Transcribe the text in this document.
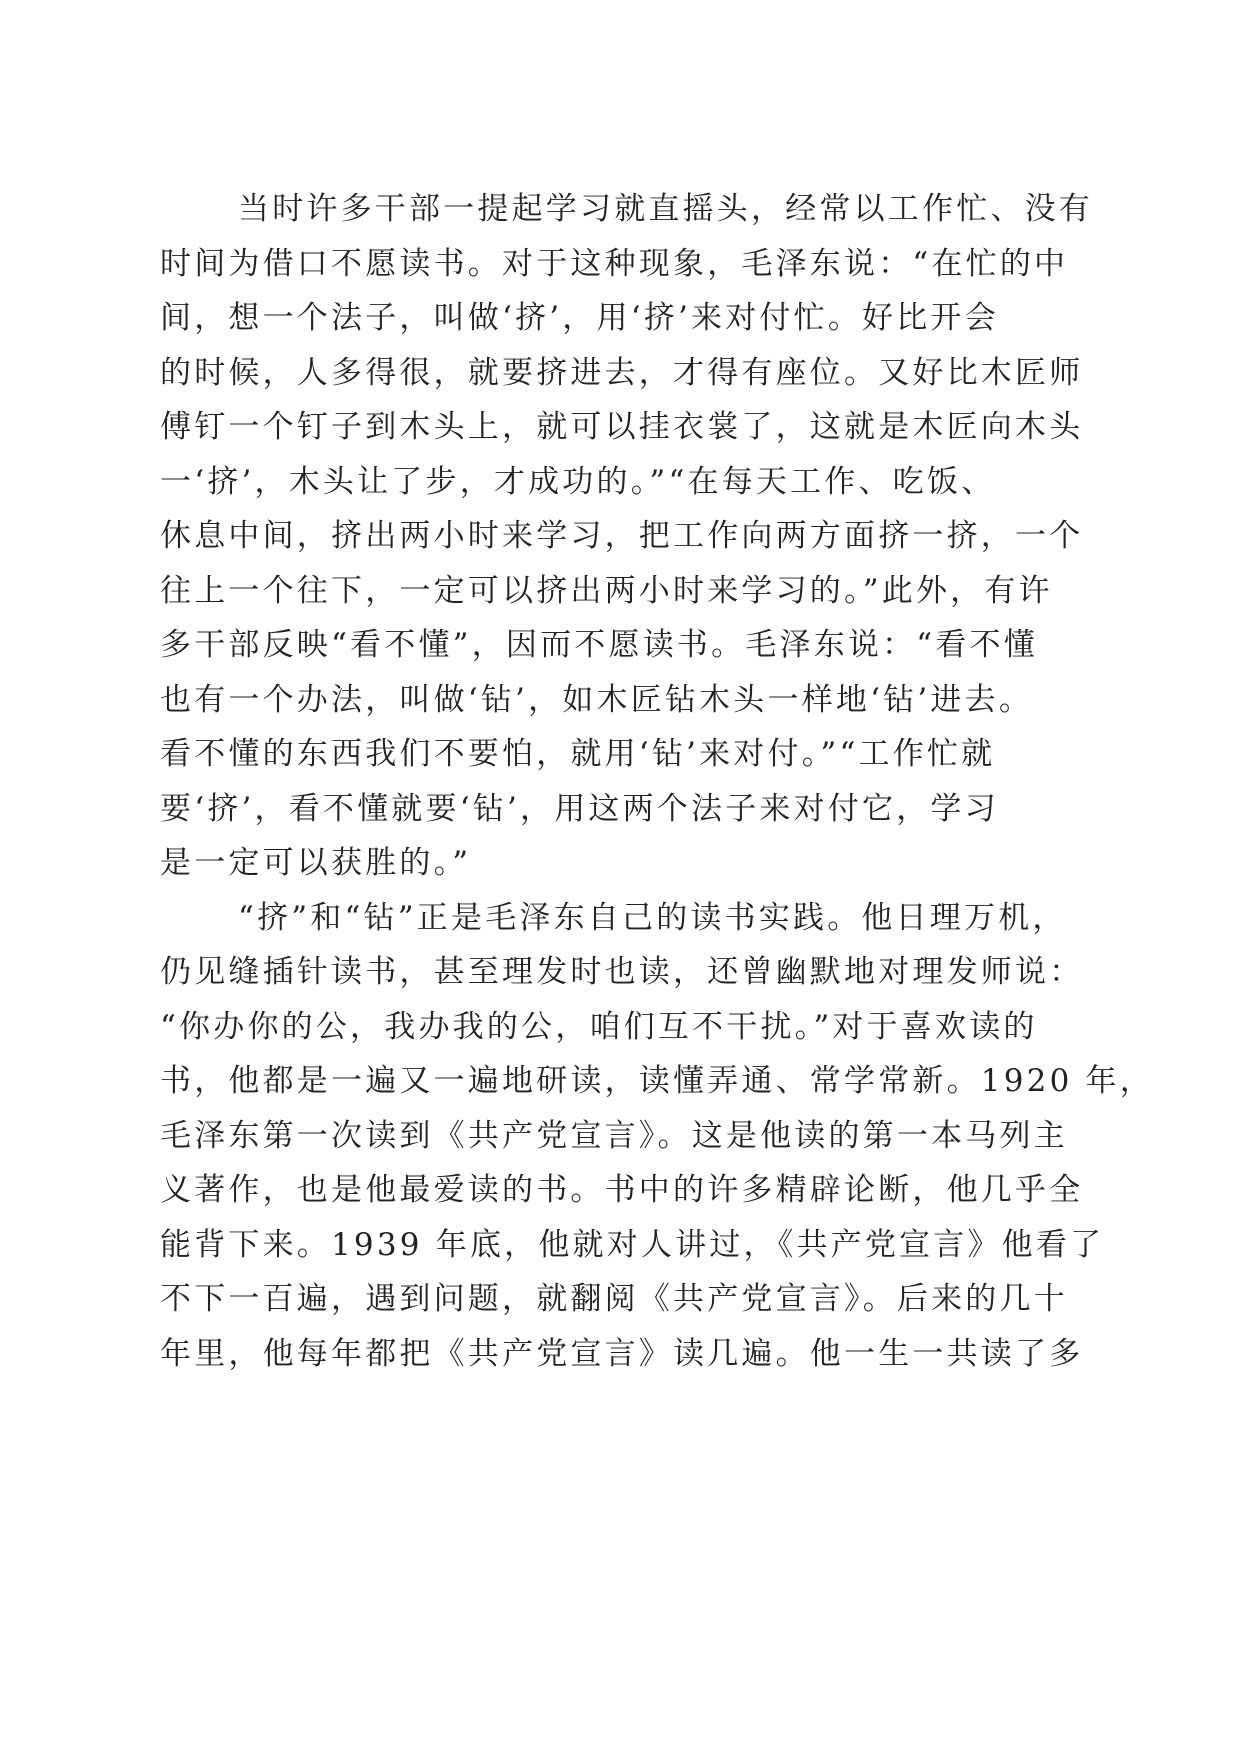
当时许多干部一提起学习就直摇头，经常以工作忙、没有
时间为借口不愿读书。对于这种现象，毛泽东说：“在忙的中
间，想一个法子，叫做‘挤’，用‘挤’来对付忙。好比开会
的时候，人多得很，就要挤进去，才得有座位。又好比木匠师
傅钉一个钉子到木头上，就可以挂衣裳了，这就是木匠向木头
一‘挤’，木头让了步，才成功的。”“在每天工作、吃饭、
休息中间，挤出两小时来学习，把工作向两方面挤一挤，一个
往上一个往下，一定可以挤出两小时来学习的。”此外，有许
多干部反映“看不懂”，因而不愿读书。毛泽东说：“看不懂
也有一个办法，叫做‘钻’，如木匠钻木头一样地‘钻’进去。
看不懂的东西我们不要怕，就用‘钻’来对付。”“工作忙就
要‘挤’，看不懂就要‘钻’，用这两个法子来对付它，学习
是一定可以获胜的。”
“挤”和“钻”正是毛泽东自己的读书实践。他日理万机，
仍见缝插针读书，甚至理发时也读，还曾幽默地对理发师说：
“你办你的公，我办我的公，咱们互不干扰。”对于喜欢读的
书，他都是一遍又一遍地研读，读懂弄通、常学常新。1920 年，
毛泽东第一次读到《共产党宣言》。这是他读的第一本马列主
义著作，也是他最爱读的书。书中的许多精辟论断，他几乎全
能背下来。1939 年底，他就对人讲过，《共产党宣言》他看了
不下一百遍，遇到问题，就翻阅《共产党宣言》。后来的几十
年里，他每年都把《共产党宣言》读几遍。他一生一共读了多
